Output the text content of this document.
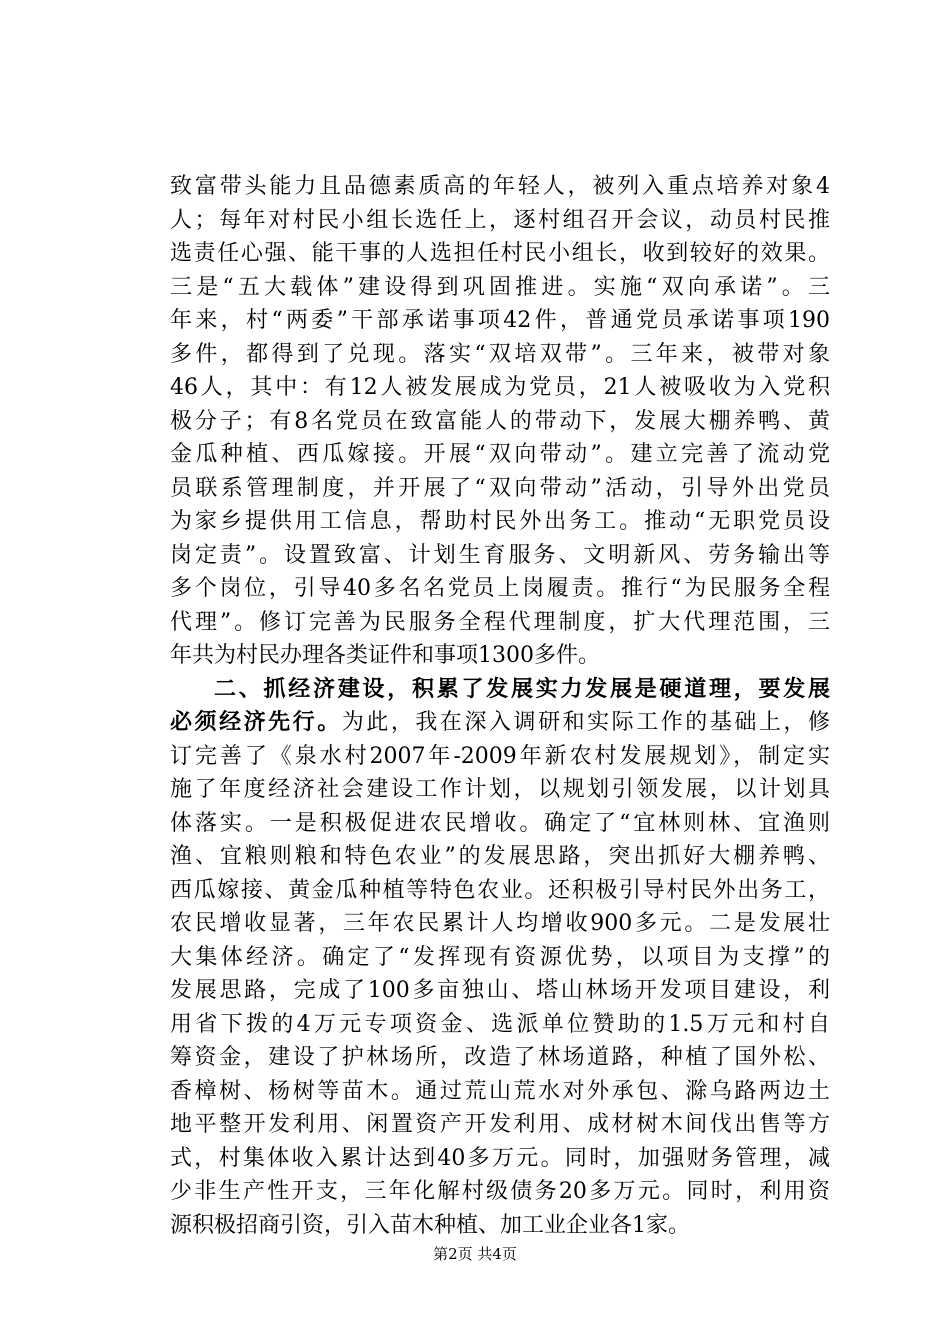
致富带头能力且品德素质高的年轻人，被列入重点培养对象4
人；每年对村民小组长选任上，逐村组召开会议，动员村民推
选责任心强、能干事的人选担任村民小组长，收到较好的效果。
三是“五大载体”建设得到巩固推进。实施“双向承诺”。三
年来，村“两委”干部承诺事项42件，普通党员承诺事项190
多件，都得到了兑现。落实“双培双带”。三年来，被带对象
46人，其中：有12人被发展成为党员，21人被吸收为入党积
极分子；有8名党员在致富能人的带动下，发展大棚养鸭、黄
金瓜种植、西瓜嫁接。开展“双向带动”。建立完善了流动党
员联系管理制度，并开展了“双向带动”活动，引导外出党员
为家乡提供用工信息，帮助村民外出务工。推动“无职党员设
岗定责”。设置致富、计划生育服务、文明新风、劳务输出等
多个岗位，引导40多名名党员上岗履责。推行“为民服务全程
代理”。修订完善为民服务全程代理制度，扩大代理范围，三
年共为村民办理各类证件和事项1300多件。
二、抓经济建设，积累了发展实力发展是硬道理，要发展
必须经济先行。为此，我在深入调研和实际工作的基础上，修
订完善了《泉水村2007年-2009年新农村发展规划》，制定实
施了年度经济社会建设工作计划，以规划引领发展，以计划具
体落实。一是积极促进农民增收。确定了“宜林则林、宜渔则
渔、宜粮则粮和特色农业”的发展思路，突出抓好大棚养鸭、
西瓜嫁接、黄金瓜种植等特色农业。还积极引导村民外出务工，
农民增收显著，三年农民累计人均增收900多元。二是发展壮
大集体经济。确定了“发挥现有资源优势，以项目为支撑”的
发展思路，完成了100多亩独山、塔山林场开发项目建设，利
用省下拨的4万元专项资金、选派单位赞助的1.5万元和村自
筹资金，建设了护林场所，改造了林场道路，种植了国外松、
香樟树、杨树等苗木。通过荒山荒水对外承包、滁乌路两边土
地平整开发利用、闲置资产开发利用、成材树木间伐出售等方
式，村集体收入累计达到40多万元。同时，加强财务管理，减
少非生产性开支，三年化解村级债务20多万元。同时，利用资
源积极招商引资，引入苗木种植、加工业企业各1家。
第2页 共4页
